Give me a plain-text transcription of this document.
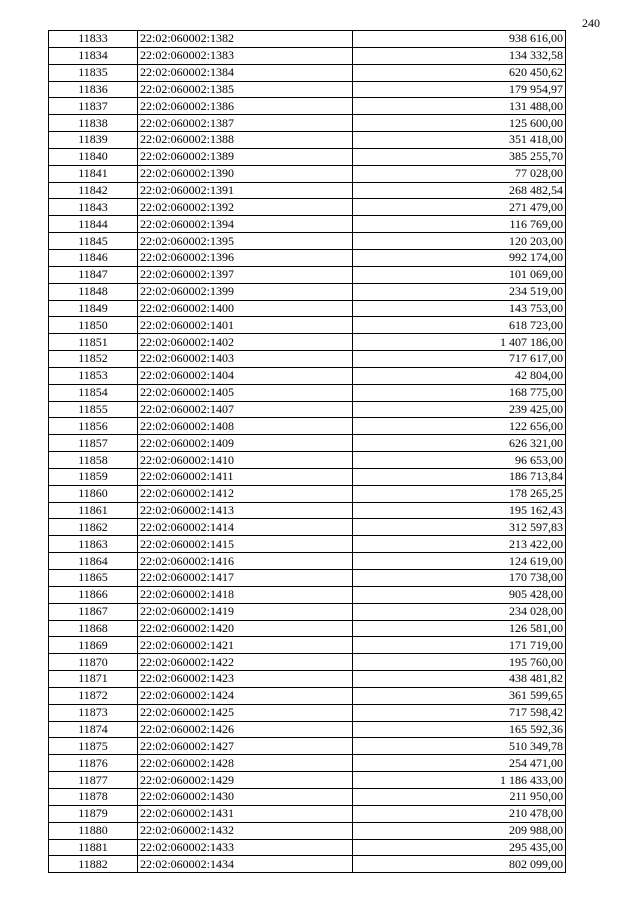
240
11833	22:02:060002:1382	938 616,00
11834	22:02:060002:1383	134 332,58
11835	22:02:060002:1384	620 450,62
11836	22:02:060002:1385	179 954,97
11837	22:02:060002:1386	131 488,00
11838	22:02:060002:1387	125 600,00
11839	22:02:060002:1388	351 418,00
11840	22:02:060002:1389	385 255,70
11841	22:02:060002:1390	77 028,00
11842	22:02:060002:1391	268 482,54
11843	22:02:060002:1392	271 479,00
11844	22:02:060002:1394	116 769,00
11845	22:02:060002:1395	120 203,00
11846	22:02:060002:1396	992 174,00
11847	22:02:060002:1397	101 069,00
11848	22:02:060002:1399	234 519,00
11849	22:02:060002:1400	143 753,00
11850	22:02:060002:1401	618 723,00
11851	22:02:060002:1402	1 407 186,00
11852	22:02:060002:1403	717 617,00
11853	22:02:060002:1404	42 804,00
11854	22:02:060002:1405	168 775,00
11855	22:02:060002:1407	239 425,00
11856	22:02:060002:1408	122 656,00
11857	22:02:060002:1409	626 321,00
11858	22:02:060002:1410	96 653,00
11859	22:02:060002:1411	186 713,84
11860	22:02:060002:1412	178 265,25
11861	22:02:060002:1413	195 162,43
11862	22:02:060002:1414	312 597,83
11863	22:02:060002:1415	213 422,00
11864	22:02:060002:1416	124 619,00
11865	22:02:060002:1417	170 738,00
11866	22:02:060002:1418	905 428,00
11867	22:02:060002:1419	234 028,00
11868	22:02:060002:1420	126 581,00
11869	22:02:060002:1421	171 719,00
11870	22:02:060002:1422	195 760,00
11871	22:02:060002:1423	438 481,82
11872	22:02:060002:1424	361 599,65
11873	22:02:060002:1425	717 598,42
11874	22:02:060002:1426	165 592,36
11875	22:02:060002:1427	510 349,78
11876	22:02:060002:1428	254 471,00
11877	22:02:060002:1429	1 186 433,00
11878	22:02:060002:1430	211 950,00
11879	22:02:060002:1431	210 478,00
11880	22:02:060002:1432	209 988,00
11881	22:02:060002:1433	295 435,00
11882	22:02:060002:1434	802 099,00
